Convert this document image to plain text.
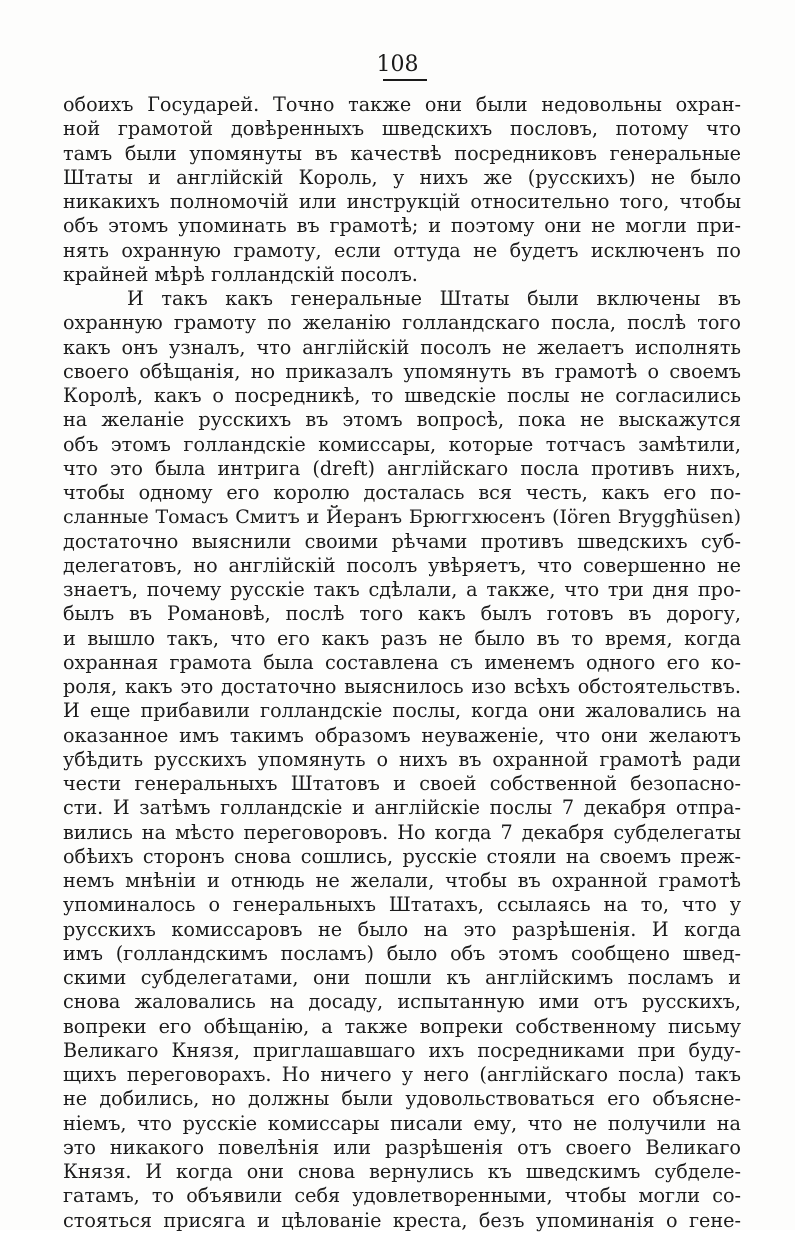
108
обоихъ Государей. Точно также они были недовольны охран-
ной грамотой довѣренныхъ шведскихъ пословъ, потому что
тамъ были упомянуты въ качествѣ посредниковъ генеральные
Штаты и англійскій Король, у нихъ же (русскихъ) не было
никакихъ полномочій или инструкцій относительно того, чтобы
объ этомъ упоминать въ грамотѣ; и поэтому они не могли при-
нять охранную грамоту, если оттуда не будетъ исключенъ по
крайней мѣрѣ голландскій посолъ.
И такъ какъ генеральные Штаты были включены въ
охранную грамоту по желанію голландскаго посла, послѣ того
какъ онъ узналъ, что англійскій посолъ не желаетъ исполнять
своего обѣщанія, но приказалъ упомянуть въ грамотѣ о своемъ
Королѣ, какъ о посредникѣ, то шведскіе послы не согласились
на желаніе русскихъ въ этомъ вопросѣ, пока не выскажутся
объ этомъ голландскіе комиссары, которые тотчасъ замѣтили,
что это была интрига (dreft) англійскаго посла противъ нихъ,
чтобы одному его королю досталась вся честь, какъ его по-
сланные Томасъ Смитъ и Йеранъ Брюггхюсенъ (Iören Bryggħüsen)
достаточно выяснили своими рѣчами противъ шведскихъ суб-
делегатовъ, но англійскій посолъ увѣряетъ, что совершенно не
знаетъ, почему русскіе такъ сдѣлали, а также, что три дня про-
былъ въ Романовѣ, послѣ того какъ былъ готовъ въ дорогу,
и вышло такъ, что его какъ разъ не было въ то время, когда
охранная грамота была составлена съ именемъ одного его ко-
роля, какъ это достаточно выяснилось изо всѣхъ обстоятельствъ.
И еще прибавили голландскіе послы, когда они жаловались на
оказанное имъ такимъ образомъ неуваженіе, что они желаютъ
убѣдить русскихъ упомянуть о нихъ въ охранной грамотѣ ради
чести генеральныхъ Штатовъ и своей собственной безопасно-
сти. И затѣмъ голландскіе и англійскіе послы 7 декабря отпра-
вились на мѣсто переговоровъ. Но когда 7 декабря субделегаты
обѣихъ сторонъ снова сошлись, русскіе стояли на своемъ преж-
немъ мнѣніи и отнюдь не желали, чтобы въ охранной грамотѣ
упоминалось о генеральныхъ Штатахъ, ссылаясь на то, что у
русскихъ комиссаровъ не было на это разрѣшенія. И когда
имъ (голландскимъ посламъ) было объ этомъ сообщено швед-
скими субделегатами, они пошли къ англійскимъ посламъ и
снова жаловались на досаду, испытанную ими отъ русскихъ,
вопреки его обѣщанію, а также вопреки собственному письму
Великаго Князя, приглашавшаго ихъ посредниками при буду-
щихъ переговорахъ. Но ничего у него (англійскаго посла) такъ
не добились, но должны были удовольствоваться его объясне-
ніемъ, что русскіе комиссары писали ему, что не получили на
это никакого повелѣнія или разрѣшенія отъ своего Великаго
Князя. И когда они снова вернулись къ шведскимъ субделе-
гатамъ, то объявили себя удовлетворенными, чтобы могли со-
стояться присяга и цѣлованіе креста, безъ упоминанія о гене-
